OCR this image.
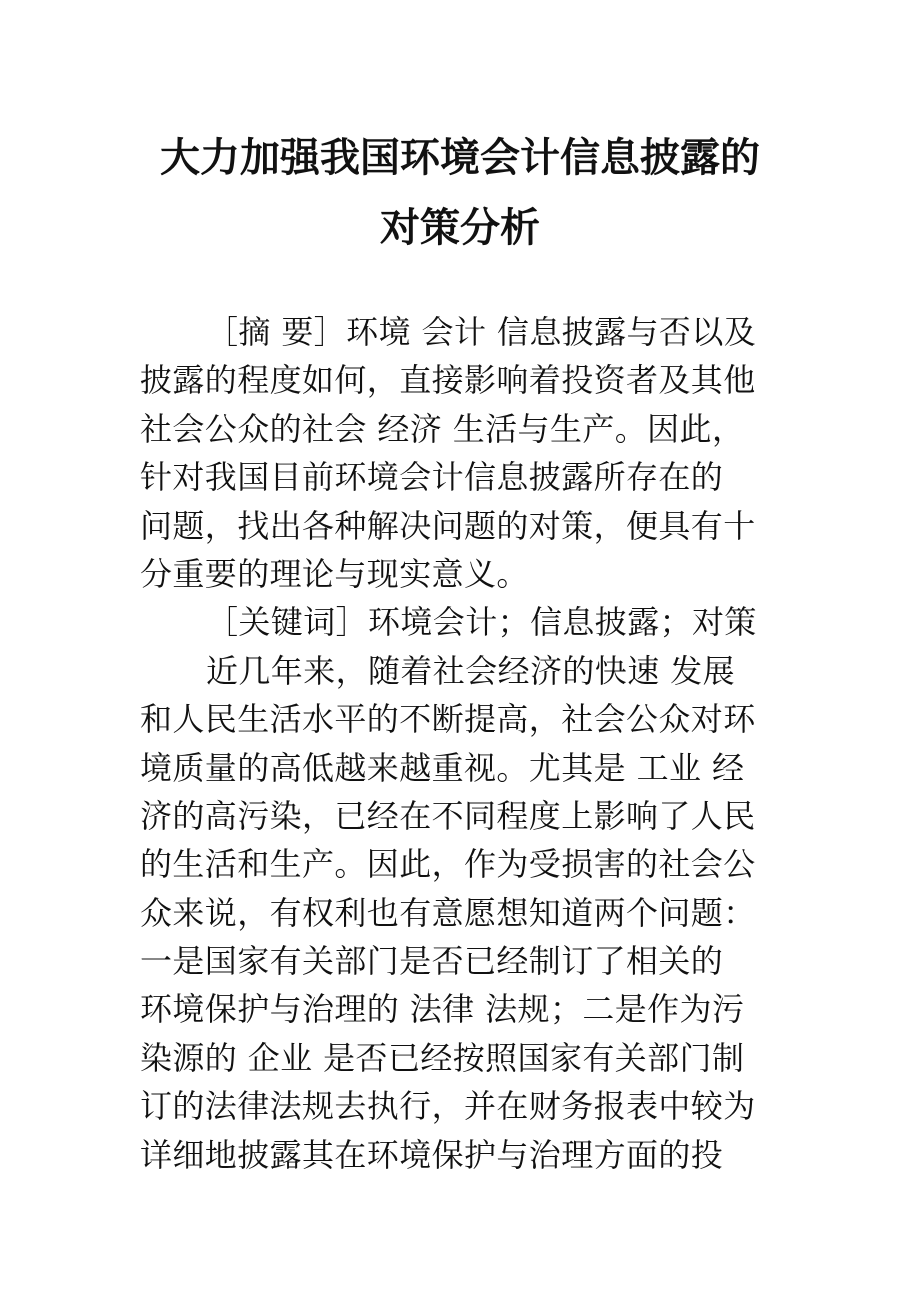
大力加强我国环境会计信息披露的
对策分析
［摘 要］环境 会计 信息披露与否以及
披露的程度如何，直接影响着投资者及其他
社会公众的社会 经济 生活与生产。因此，
针对我国目前环境会计信息披露所存在的
问题，找出各种解决问题的对策，便具有十
分重要的理论与现实意义。
［关键词］环境会计；信息披露；对策
近几年来，随着社会经济的快速 发展
和人民生活水平的不断提高，社会公众对环
境质量的高低越来越重视。尤其是 工业 经
济的高污染，已经在不同程度上影响了人民
的生活和生产。因此，作为受损害的社会公
众来说，有权利也有意愿想知道两个问题：
一是国家有关部门是否已经制订了相关的
环境保护与治理的 法律 法规；二是作为污
染源的 企业 是否已经按照国家有关部门制
订的法律法规去执行，并在财务报表中较为
详细地披露其在环境保护与治理方面的投
